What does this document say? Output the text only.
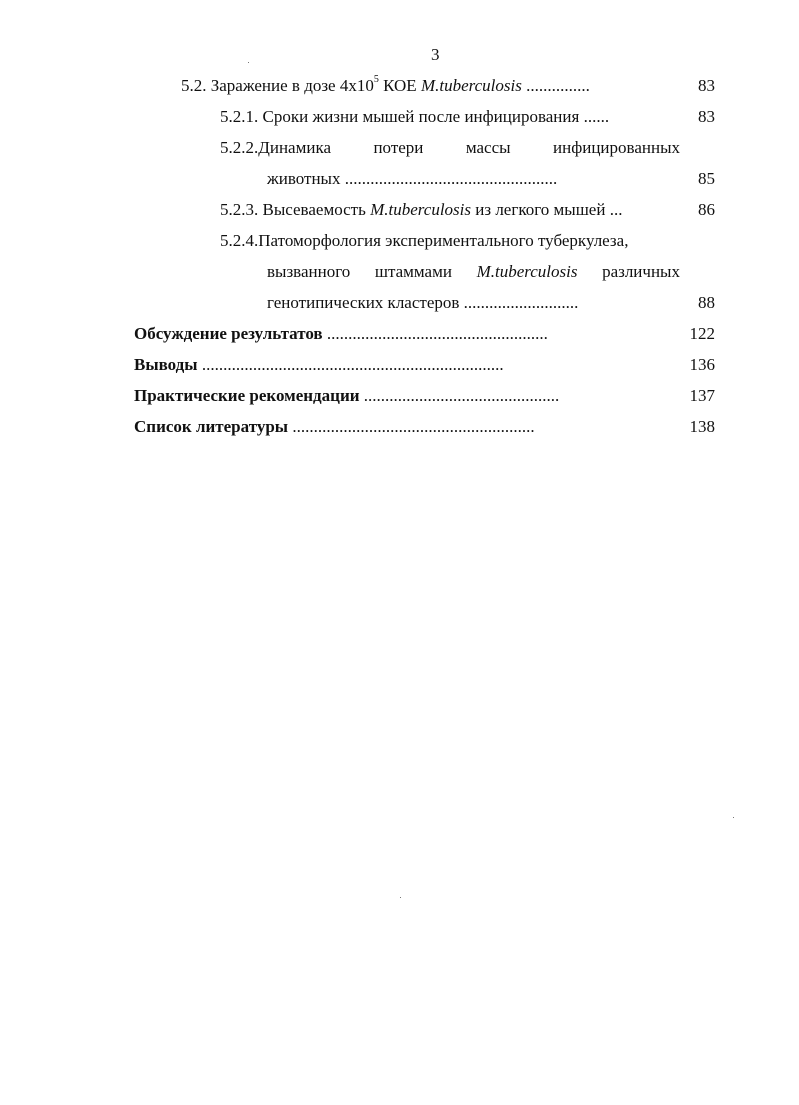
3
5.2. Заражение в дозе $4х10^5$ КОЕ M.tuberculosis ...............	83
5.2.1. Сроки жизни мышей после инфицирования ......	83
5.2.2.Динамика потери массы инфицированных
животных ..................................................	85
5.2.3. Высеваемость M.tuberculosis из легкого мышей ...	86
5.2.4.Патоморфология экспериментального туберкулеза,
вызванного штаммами M.tuberculosis различных
генотипических кластеров ...........................	88
Обсуждение результатов ....................................................	122
Выводы .......................................................................	136
Практические рекомендации ..............................................	137
Список литературы .........................................................	138
